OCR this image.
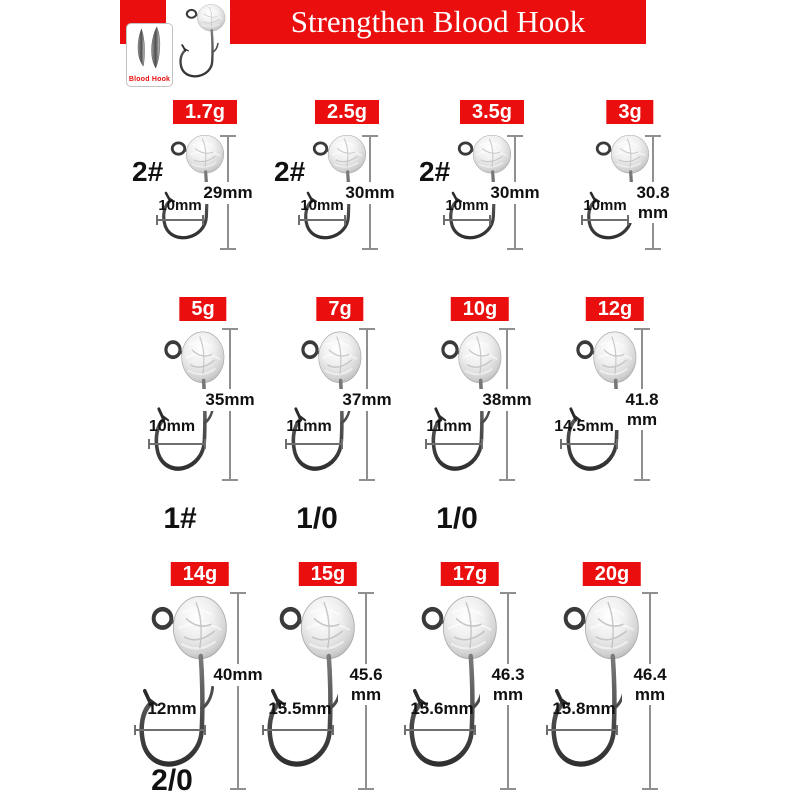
Strengthen Blood Hook
Blood Hook
1.7g
2#
29mm
10mm
2.5g
2#
30mm
10mm
3.5g
2#
30mm
10mm
3g
30.8 mm
10mm
5g
35mm
10mm
1#
7g
37mm
11mm
1/0
10g
38mm
11mm
1/0
12g
41.8 mm
14.5mm
14g
40mm
12mm
2/0
15g
45.6 mm
15.5mm
17g
46.3 mm
15.6mm
20g
46.4 mm
15.8mm
